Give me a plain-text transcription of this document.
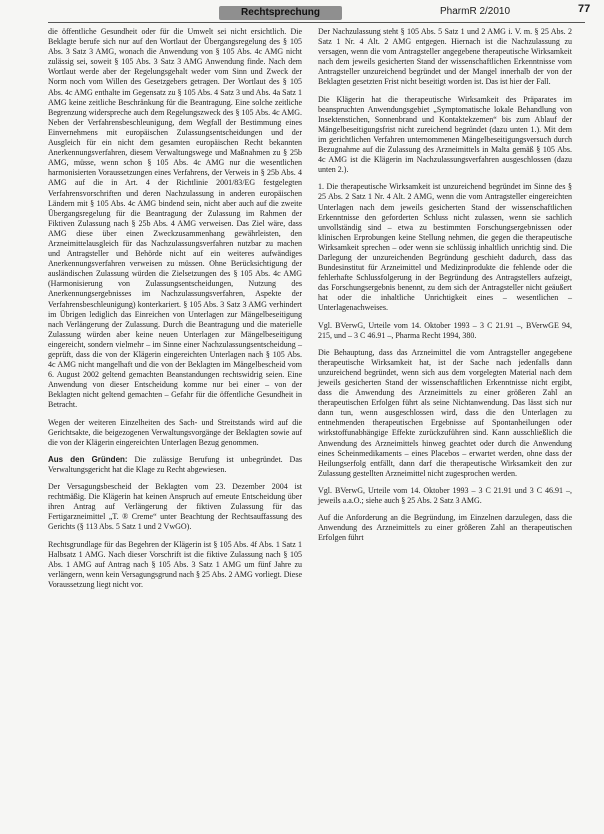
Rechtsprechung	PharmR 2/2010	77

die öffentliche Gesundheit oder für die Umwelt sei nicht ersichtlich. Die Beklagte berufe sich nur auf den Wortlaut der Übergangsregelung des § 105 Abs. 3 Satz 3 AMG, wonach die Anwendung von § 105 Abs. 4c AMG nicht zulässig sei, soweit § 105 Abs. 3 Satz 3 AMG Anwendung finde. Nach dem Wortlaut werde aber der Regelungsgehalt weder vom Sinn und Zweck der Norm noch vom Willen des Gesetzgebers getragen. Der Wortlaut des § 105 Abs. 4c AMG enthalte im Gegensatz zu § 105 Abs. 4 Satz 3 und Abs. 4a Satz 1 AMG keine zeitliche Beschränkung für die Beantragung. Eine solche zeitliche Begrenzung widerspreche auch dem Regelungszweck des § 105 Abs. 4c AMG. Neben der Verfahrensbeschleunigung, dem Wegfall der Bestimmung eines Einvernehmens mit europäischen Zulassungsentscheidungen und der Ausgleich für ein nicht dem gesamten europäischen Recht bekannten Anerkennungsverfahren, diesem Verwaltungswege und Maßnahmen zu § 25b AMG, müsse, wenn schon § 105 Abs. 4c AMG nur die wesentlichen harmonisierten Voraussetzungen eines Verfahrens, der Verweis in § 25b Abs. 4 AMG auf die in Art. 4 der Richtlinie 2001/83/EG festgelegten Verfahrensvorschriften und deren Nachzulassung in anderen europäischen Ländern mit § 105 Abs. 4c AMG bindend sein, nicht aber auch auf die zweite Übergangsregelung für die Beantragung der Zulassung im Rahmen der Fiktiven Zulassung nach § 25b Abs. 4 AMG verweisen. Das Ziel wäre, dass AMG diese über einen Zweckzusammenhang gewährleisten, den Arzneimittelausgleich für das Nachzulassungsverfahren nutzbar zu machen und Antragsteller und Behörde nicht auf ein weiteres aufwändiges Anerkennungsverfahren verweisen zu müssen. Ohne Berücksichtigung der ausländischen Zulassung würden die Zielsetzungen des § 105 Abs. 4c AMG (Harmonisierung von Zulassungsentscheidungen, Nutzung des Anerkennungsergebnisses im Nachzulassungsverfahren, Aspekte der Verfahrensbeschleunigung) konterkariert. § 105 Abs. 3 Satz 3 AMG verhindert im Übrigen lediglich das Einreichen von Unterlagen zur Mängelbeseitigung nach Verlängerung der Zulassung. Durch die Beantragung und die materielle Zulassung würden aber keine neuen Unterlagen zur Mängelbeseitigung eingereicht, sondern vielmehr – im Sinne einer Nachzulassungsentscheidung – geprüft, dass die von der Klägerin eingereichten Unterlagen nach § 105 Abs. 4c AMG nicht mangelhaft und die von der Beklagten im Mängelbescheid vom 6. August 2002 geltend gemachten Beanstandungen rechtswidrig seien. Eine Anwendung von dieser Entscheidung komme nur bei einer – von der Beklagten nicht geltend gemachten – Gefahr für die öffentliche Gesundheit in Betracht.

Wegen der weiteren Einzelheiten des Sach- und Streitstands wird auf die Gerichtsakte, die beigezogenen Verwaltungsvorgänge der Beklagten sowie auf die von der Klägerin eingereichten Unterlagen Bezug genommen.

Aus den Gründen: Die zulässige Berufung ist unbegründet. Das Verwaltungsgericht hat die Klage zu Recht abgewiesen.

Der Versagungsbescheid der Beklagten vom 23. Dezember 2004 ist rechtmäßig. Die Klägerin hat keinen Anspruch auf erneute Entscheidung über ihren Antrag auf Verlängerung der fiktiven Zulassung für das Fertigarzneimittel „T. ® Creme“ unter Beachtung der Rechtsauffassung des Gerichts (§ 113 Abs. 5 Satz 1 und 2 VwGO).

Rechtsgrundlage für das Begehren der Klägerin ist § 105 Abs. 4f Abs. 1 Satz 1 Halbsatz 1 AMG. Nach dieser Vorschrift ist die fiktive Zulassung nach § 105 Abs. 1 AMG auf Antrag nach § 105 Abs. 3 Satz 1 AMG um fünf Jahre zu verlängern, wenn kein Versagungsgrund nach § 25 Abs. 2 AMG vorliegt. Diese Voraussetzung liegt nicht vor.

Der Nachzulassung steht § 105 Abs. 5 Satz 1 und 2 AMG i. V. m. § 25 Abs. 2 Satz 1 Nr. 4 Alt. 2 AMG entgegen. Hiernach ist die Nachzulassung zu versagen, wenn die vom Antragsteller angegebene therapeutische Wirksamkeit nach dem jeweils gesicherten Stand der wissenschaftlichen Erkenntnisse vom Antragsteller unzureichend begründet und der Mangel innerhalb der von der Beklagten gesetzten Frist nicht beseitigt worden ist. Das ist hier der Fall.

Die Klägerin hat die therapeutische Wirksamkeit des Präparates im beanspruchten Anwendungsgebiet „Symptomatische lokale Behandlung von Insektenstichen, Sonnenbrand und Kontaktekzemen“ bis zum Ablauf der Mängelbeseitigungsfrist nicht zureichend begründet (dazu unten 1.). Mit dem im gerichtlichen Verfahren unternommenen Mängelbeseitigungsversuch durch Bezugnahme auf die Zulassung des Arzneimittels in Malta gemäß § 105 Abs. 4c AMG ist die Klägerin im Nachzulassungsverfahren ausgeschlossen (dazu unten 2.).

1. Die therapeutische Wirksamkeit ist unzureichend begründet im Sinne des § 25 Abs. 2 Satz 1 Nr. 4 Alt. 2 AMG, wenn die vom Antragsteller eingereichten Unterlagen nach dem jeweils gesicherten Stand der wissenschaftlichen Erkenntnisse den geforderten Schluss nicht zulassen, wenn sie sachlich unvollständig sind – etwa zu bestimmten Forschungsergebnissen oder klinischen Erprobungen keine Stellung nehmen, die gegen die therapeutische Wirksamkeit sprechen – oder wenn sie schlüssig inhaltlich unrichtig sind. Die Darlegung der unzureichenden Begründung geschieht dadurch, dass das Bundesinstitut für Arzneimittel und Medizinprodukte die fehlende oder die fehlerhafte Schlussfolgerung in der Begründung des Antragstellers aufzeigt, das Forschungsergebnis benennt, zu dem sich der Antragsteller nicht geäußert hat oder die inhaltliche Unrichtigkeit eines – wesentlichen – Unterlagenachweises.

Vgl. BVerwG, Urteile vom 14. Oktober 1993 – 3 C 21.91 –, BVerwGE 94, 215, und – 3 C 46.91 –, Pharma Recht 1994, 380.

Die Behauptung, dass das Arzneimittel die vom Antragsteller angegebene therapeutische Wirksamkeit hat, ist der Sache nach jedenfalls dann unzureichend begründet, wenn sich aus dem vorgelegten Material nach dem jeweils gesicherten Stand der wissenschaftlichen Erkenntnisse nicht ergibt, dass die Anwendung des Arzneimittels zu einer größeren Zahl an therapeutischen Erfolgen führt als seine Nichtanwendung. Das lässt sich nur dann tun, wenn ausgeschlossen wird, dass die den Unterlagen zu entnehmenden therapeutischen Ergebnisse auf Spontanheilungen oder wirkstoffunabhängige Effekte zurückzuführen sind. Kann ausschließlich die Anwendung des Arzneimittels hinweg geachtet oder durch die Anwendung eines Scheinmedikaments – eines Placebos – erwartet werden, ohne dass der Heilungserfolg entfällt, dann darf die therapeutische Wirksamkeit den zur Zulassung gestellten Arzneimittel nicht zugesprochen werden.

Vgl. BVerwG, Urteile vom 14. Oktober 1993 – 3 C 21.91 und 3 C 46.91 –, jeweils a.a.O.; siehe auch § 25 Abs. 2 Satz 3 AMG.

Auf die Anforderung an die Begründung, im Einzelnen darzulegen, dass die Anwendung des Arzneimittels zu einer größeren Zahl an therapeutischen Erfolgen führt
